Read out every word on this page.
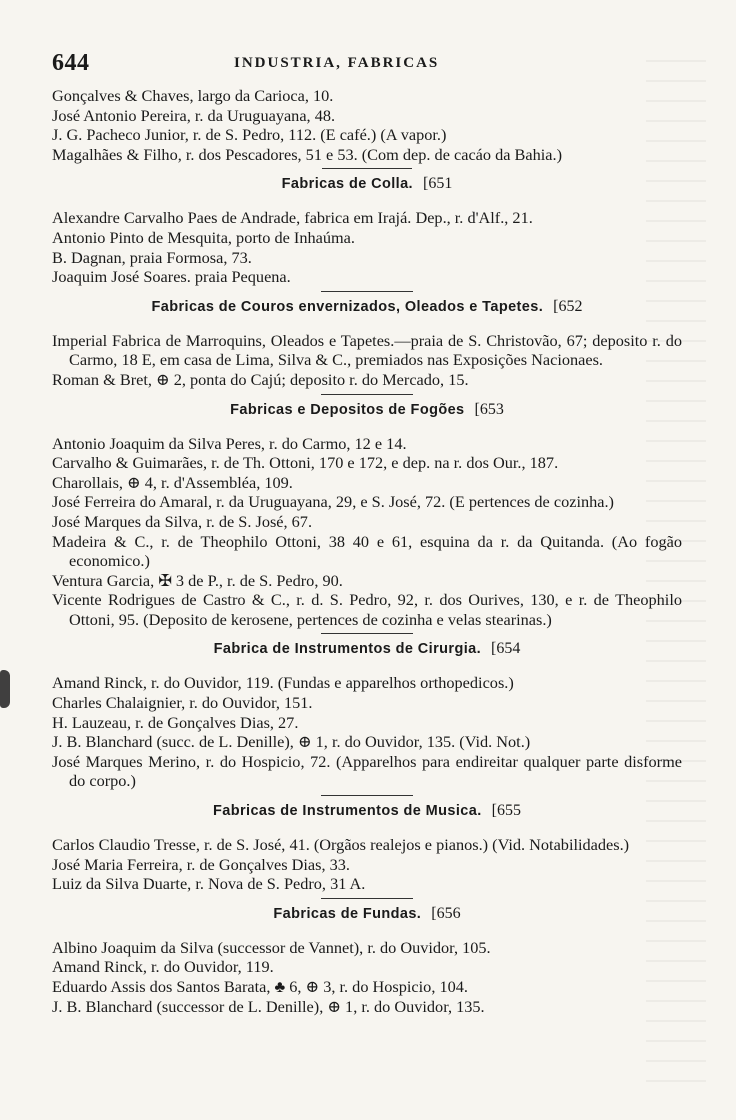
644	INDUSTRIA, FABRICAS

Gonçalves & Chaves, largo da Carioca, 10.

José Antonio Pereira, r. da Uruguayana, 48.

J. G. Pacheco Junior, r. de S. Pedro, 112. (E café.) (A vapor.)

Magalhães & Filho, r. dos Pescadores, 51 e 53. (Com dep. de cacáo da Bahia.)

Fabricas de Colla. [651

Alexandre Carvalho Paes de Andrade, fabrica em Irajá. Dep., r. d'Alf., 21.

Antonio Pinto de Mesquita, porto de Inhaúma.

B. Dagnan, praia Formosa, 73.

Joaquim José Soares. praia Pequena.

Fabricas de Couros envernizados, Oleados e Tapetes. [652

Imperial Fabrica de Marroquins, Oleados e Tapetes.—praia de S. Christovão, 67; deposito r. do Carmo, 18 E, em casa de Lima, Silva & C., premiados nas Exposições Nacionaes.

Roman & Bret, ⊕ 2, ponta do Cajú; deposito r. do Mercado, 15.

Fabricas e Depositos de Fogões [653

Antonio Joaquim da Silva Peres, r. do Carmo, 12 e 14.

Carvalho & Guimarães, r. de Th. Ottoni, 170 e 172, e dep. na r. dos Our., 187.

Charollais, ⊕ 4, r. d'Assembléa, 109.

José Ferreira do Amaral, r. da Uruguayana, 29, e S. José, 72. (E pertences de cozinha.)

José Marques da Silva, r. de S. José, 67.

Madeira & C., r. de Theophilo Ottoni, 38 40 e 61, esquina da r. da Quitanda. (Ao fogão economico.)

Ventura Garcia, ✠ 3 de P., r. de S. Pedro, 90.

Vicente Rodrigues de Castro & C., r. d. S. Pedro, 92, r. dos Ourives, 130, e r. de Theophilo Ottoni, 95. (Deposito de kerosene, pertences de cozinha e velas stearinas.)

Fabrica de Instrumentos de Cirurgia. [654

Amand Rinck, r. do Ouvidor, 119. (Fundas e apparelhos orthopedicos.)

Charles Chalaignier, r. do Ouvidor, 151.

H. Lauzeau, r. de Gonçalves Dias, 27.

J. B. Blanchard (succ. de L. Denille), ⊕ 1, r. do Ouvidor, 135. (Vid. Not.)

José Marques Merino, r. do Hospicio, 72. (Apparelhos para endireitar qualquer parte disforme do corpo.)

Fabricas de Instrumentos de Musica. [655

Carlos Claudio Tresse, r. de S. José, 41. (Orgãos realejos e pianos.) (Vid. Notabilidades.)

José Maria Ferreira, r. de Gonçalves Dias, 33.

Luiz da Silva Duarte, r. Nova de S. Pedro, 31 A.

Fabricas de Fundas. [656

Albino Joaquim da Silva (successor de Vannet), r. do Ouvidor, 105.

Amand Rinck, r. do Ouvidor, 119.

Eduardo Assis dos Santos Barata, ♣ 6, ⊕ 3, r. do Hospicio, 104.

J. B. Blanchard (successor de L. Denille), ⊕ 1, r. do Ouvidor, 135.
